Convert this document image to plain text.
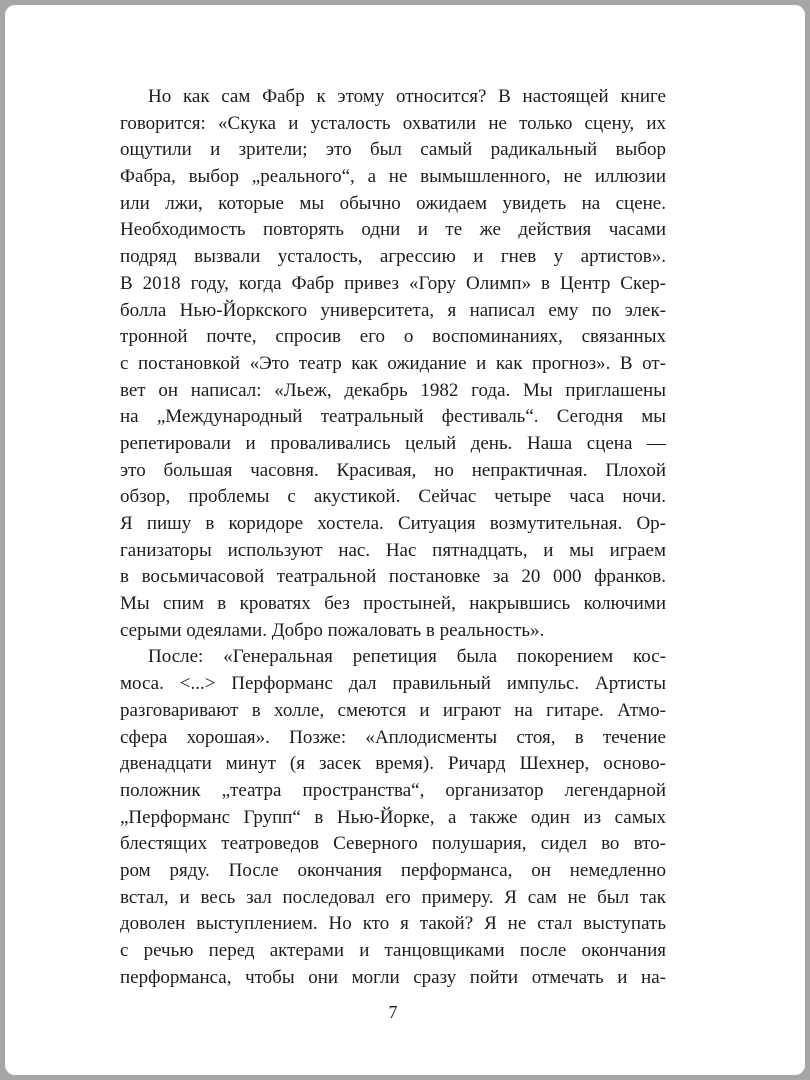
Но как сам Фабр к этому относится? В настоящей книге
говорится: «Скука и усталость охватили не только сцену, их
ощутили и зрители; это был самый радикальный выбор
Фабра, выбор „реального“, а не вымышленного, не иллюзии
или лжи, которые мы обычно ожидаем увидеть на сцене.
Необходимость повторять одни и те же действия часами
подряд вызвали усталость, агрессию и гнев у артистов».
В 2018 году, когда Фабр привез «Гору Олимп» в Центр Скер-
болла Нью-Йоркского университета, я написал ему по элек-
тронной почте, спросив его о воспоминаниях, связанных
с постановкой «Это театр как ожидание и как прогноз». В от-
вет он написал: «Льеж, декабрь 1982 года. Мы приглашены
на „Международный театральный фестиваль“. Сегодня мы
репетировали и проваливались целый день. Наша сцена —
это большая часовня. Красивая, но непрактичная. Плохой
обзор, проблемы с акустикой. Сейчас четыре часа ночи.
Я пишу в коридоре хостела. Ситуация возмутительная. Ор-
ганизаторы используют нас. Нас пятнадцать, и мы играем
в восьмичасовой театральной постановке за 20 000 франков.
Мы спим в кроватях без простыней, накрывшись колючими
серыми одеялами. Добро пожаловать в реальность».
После: «Генеральная репетиция была покорением кос-
моса. <...> Перформанс дал правильный импульс. Артисты
разговаривают в холле, смеются и играют на гитаре. Атмо-
сфера хорошая». Позже: «Аплодисменты стоя, в течение
двенадцати минут (я засек время). Ричард Шехнер, осново-
положник „театра пространства“, организатор легендарной
„Перформанс Групп“ в Нью-Йорке, а также один из самых
блестящих театроведов Северного полушария, сидел во вто-
ром ряду. После окончания перформанса, он немедленно
встал, и весь зал последовал его примеру. Я сам не был так
доволен выступлением. Но кто я такой? Я не стал выступать
с речью перед актерами и танцовщиками после окончания
перформанса, чтобы они могли сразу пойти отмечать и на-
7
